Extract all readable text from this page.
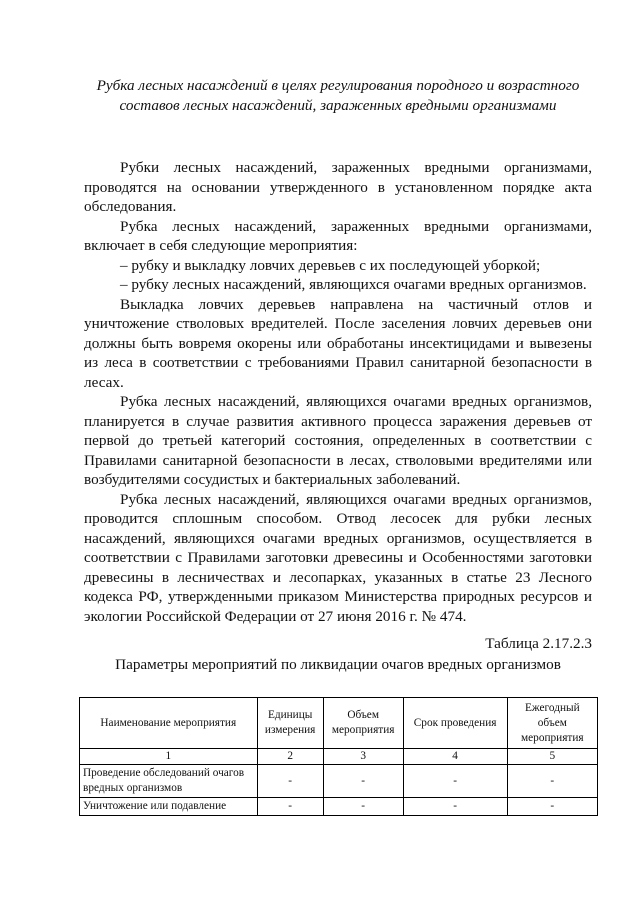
Рубка лесных насаждений в целях регулирования породного и возрастного составов лесных насаждений, зараженных вредными организмами

Рубки лесных насаждений, зараженных вредными организмами, проводятся на основании утвержденного в установленном порядке акта обследования.

Рубка лесных насаждений, зараженных вредными организмами, включает в себя следующие мероприятия:

– рубку и выкладку ловчих деревьев с их последующей уборкой;

– рубку лесных насаждений, являющихся очагами вредных организмов.

Выкладка ловчих деревьев направлена на частичный отлов и уничтожение стволовых вредителей. После заселения ловчих деревьев они должны быть вовремя окорены или обработаны инсектицидами и вывезены из леса в соответствии с требованиями Правил санитарной безопасности в лесах.

Рубка лесных насаждений, являющихся очагами вредных организмов, планируется в случае развития активного процесса заражения деревьев от первой до третьей категорий состояния, определенных в соответствии с Правилами санитарной безопасности в лесах, стволовыми вредителями или возбудителями сосудистых и бактериальных заболеваний.

Рубка лесных насаждений, являющихся очагами вредных организмов, проводится сплошным способом. Отвод лесосек для рубки лесных насаждений, являющихся очагами вредных организмов, осуществляется в соответствии с Правилами заготовки древесины и Особенностями заготовки древесины в лесничествах и лесопарках, указанных в статье 23 Лесного кодекса РФ, утвержденными приказом Министерства природных ресурсов и экологии Российской Федерации от 27 июня 2016 г. № 474.

Таблица 2.17.2.3
Параметры мероприятий по ликвидации очагов вредных организмов
Наименование мероприятия	Единицы измерения	Объем мероприятия	Срок проведения	Ежегодный объем мероприятия
1	2	3	4	5
Проведение обследований очагов вредных организмов	-	-	-	-
Уничтожение или подавление	-	-	-	-
